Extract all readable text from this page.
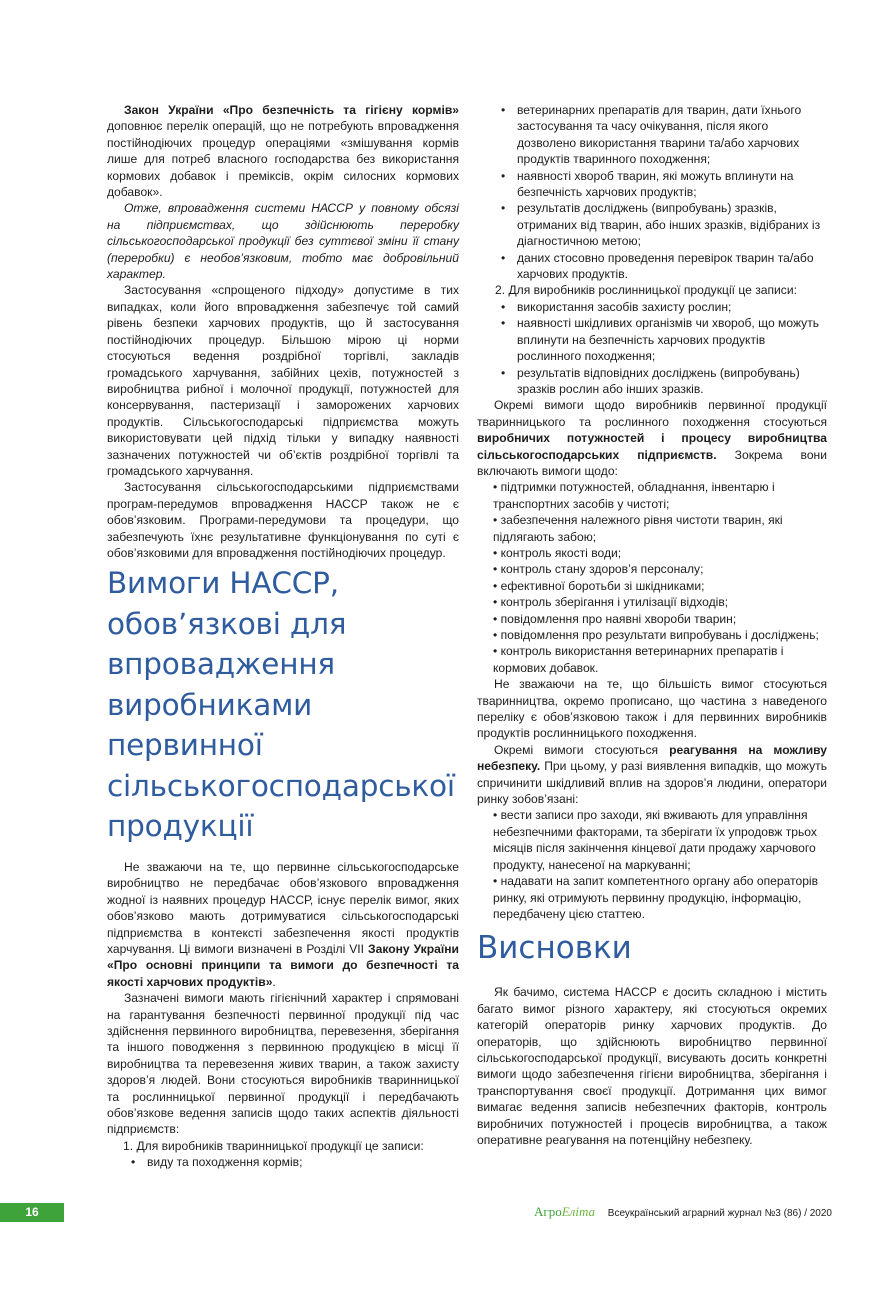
Закон України «Про безпечність та гігієну кормів» доповнює перелік операцій, що не потребують впровадження постійнодіючих процедур операціями «змішування кормів лише для потреб власного господарства без використання кормових добавок і преміксів, окрім силосних кормових добавок».

Отже, впровадження системи НАССР у повному обсязі на підприємствах, що здійснюють переробку сільськогосподарської продукції без суттєвої зміни її стану (переробки) є необов’язковим, тобто має добровільний характер.

Застосування «спрощеного підходу» допустиме в тих випадках, коли його впровадження забезпечує той самий рівень безпеки харчових продуктів, що й застосування постійнодіючих процедур. Більшою мірою ці норми стосуються ведення роздрібної торгівлі, закладів громадського харчування, забійних цехів, потужностей з виробництва рибної і молочної продукції, потужностей для консервування, пастеризації і заморожених харчових продуктів. Сільськогосподарські підприємства можуть використовувати цей підхід тільки у випадку наявності зазначених потужностей чи об’єктів роздрібної торгівлі та громадського харчування.

Застосування сільськогосподарськими підприємствами програм-передумов впровадження НАССР також не є обов’язковим. Програми-передумови та процедури, що забезпечують їхнє результативне функціонування по суті є обов’язковими для впровадження постійнодіючих процедур.

Вимоги НАССР, обов’язкові для впровадження виробниками первинної сільськогосподарської продукції

Не зважаючи на те, що первинне сільськогосподарське виробництво не передбачає обов’язкового впровадження жодної із наявних процедур НАССР, існує перелік вимог, яких обов’язково мають дотримуватися сільськогосподарські підприємства в контексті забезпечення якості продуктів харчування. Ці вимоги визначені в Розділі VII Закону України «Про основні принципи та вимоги до безпечності та якості харчових продуктів».

Зазначені вимоги мають гігієнічний характер і спрямовані на гарантування безпечності первинної продукції під час здійснення первинного виробництва, перевезення, зберігання та іншого поводження з первинною продукцією в місці її виробництва та перевезення живих тварин, а також захисту здоров’я людей. Вони стосуються виробників тваринницької та рослинницької первинної продукції і передбачають обов’язкове ведення записів щодо таких аспектів діяльності підприємств:

1. Для виробників тваринницької продукції це записи:
• виду та походження кормів;
• ветеринарних препаратів для тварин, дати їхнього застосування та часу очікування, після якого дозволено використання тварини та/або харчових продуктів тваринного походження;
• наявності хвороб тварин, які можуть вплинути на безпечність харчових продуктів;
• результатів досліджень (випробувань) зразків, отриманих від тварин, або інших зразків, відібраних із діагностичною метою;
• даних стосовно проведення перевірок тварин та/або харчових продуктів.
2. Для виробників рослинницької продукції це записи:
• використання засобів захисту рослин;
• наявності шкідливих організмів чи хвороб, що можуть вплинути на безпечність харчових продуктів рослинного походження;
• результатів відповідних досліджень (випробувань) зразків рослин або інших зразків.

Окремі вимоги щодо виробників первинної продукції тваринницького та рослинного походження стосуються виробничих потужностей і процесу виробництва сільськогосподарських підприємств. Зокрема вони включають вимоги щодо:

• підтримки потужностей, обладнання, інвентарю і транспортних засобів у чистоті;
• забезпечення належного рівня чистоти тварин, які підлягають забою;
• контроль якості води;
• контроль стану здоров’я персоналу;
• ефективної боротьби зі шкідниками;
• контроль зберігання і утилізації відходів;
• повідомлення про наявні хвороби тварин;
• повідомлення про результати випробувань і досліджень;
• контроль використання ветеринарних препаратів і кормових добавок.

Не зважаючи на те, що більшість вимог стосуються тваринництва, окремо прописано, що частина з наведеного переліку є обов’язковою також і для первинних виробників продуктів рослинницького походження.

Окремі вимоги стосуються реагування на можливу небезпеку. При цьому, у разі виявлення випадків, що можуть спричинити шкідливий вплив на здоров’я людини, оператори ринку зобов’язані:

• вести записи про заходи, які вживають для управління небезпечними факторами, та зберігати їх упродовж трьох місяців після закінчення кінцевої дати продажу харчового продукту, нанесеної на маркуванні;
• надавати на запит компетентного органу або операторів ринку, які отримують первинну продукцію, інформацію, передбачену цією статтею.
Висновки

Як бачимо, система НАССР є досить складною і містить багато вимог різного характеру, які стосуються окремих категорій операторів ринку харчових продуктів. До операторів, що здійснюють виробництво первинної сільськогосподарської продукції, висувають досить конкретні вимоги щодо забезпечення гігієни виробництва, зберігання і транспортування своєї продукції. Дотримання цих вимог вимагає ведення записів небезпечних факторів, контроль виробничих потужностей і процесів виробництва, а також оперативне реагування на потенційну небезпеку.

16	АгроЕліта Всеукраїнський аграрний журнал №3 (86) / 2020
